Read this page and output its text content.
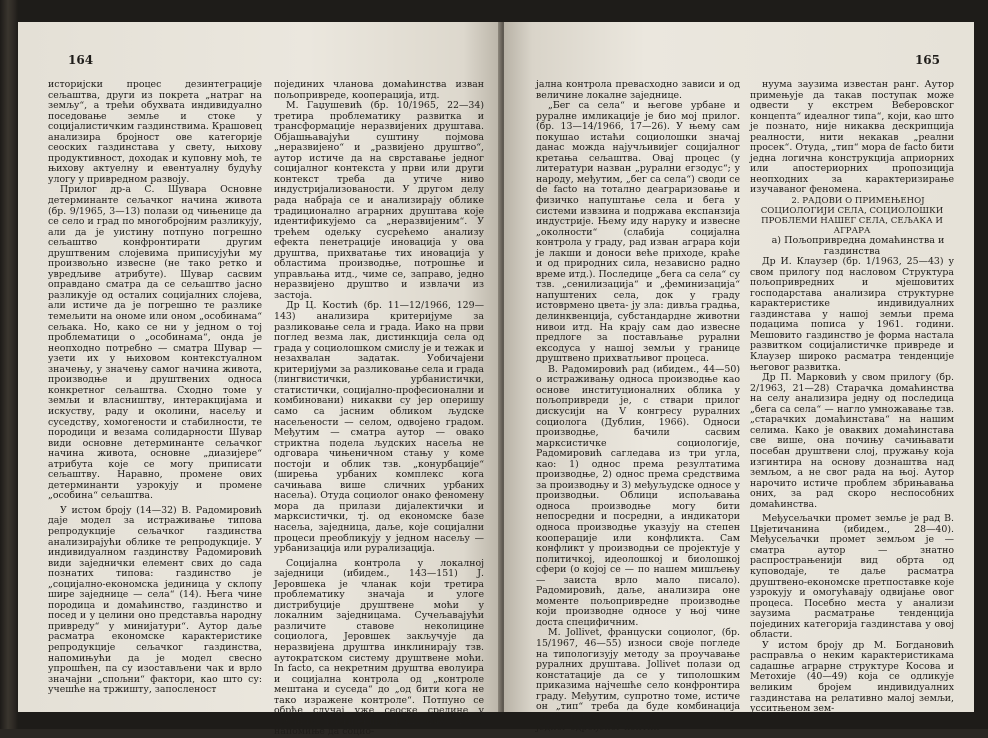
164

историјски процес дезинтеграције сељаштва, други из покрета „натраг на земљу“, а трећи обухвата индивидуално поседовање земље и стоке у социјалистичким газдинствима. Крашовец анализира бројност ове категорије сеоских газдинстава у свету, њихову продуктивност, доходак и куповну моћ, те њихову актуелну и евентуалну будућу улогу у привредном развоју.

Прилог др-а С. Шувара Основне детерминанте сељачког начина живота (бр. 9/1965, 3—13) полази од чињенице да се село и град по многобројним разликују, али да је уистину потпуно погрешно сељаштво конфронтирати другим друштвеним слојевима приписујући му произвољно извесне (не тако ретко и увредљиве атрибуте). Шувар сасвим оправдано сматра да се сељаштво јасно разликује од осталих социјалних слојева, али истиче да је погрешно те разлике темељити на ономе или оном „особинама“ сељака. Но, како се ни у једном о тој проблематици о „особинама“, онда је неопходно потребно — сматра Шувар — узети их у њиховом контекстуалном значењу, у значењу самог начина живота, производње и друштвених односа конкретног сељаштва. Сходно томе у земљи и власништву, интеракцијама и искуству, раду и околини, насељу и суседству, хомогености и стабилности, те породици и везама солидарности Шувар види основне детерминанте сељачког начина живота, основне „диазијере“ атрибута које се могу приписати сељаштву. Наравно, промене ових детерминанти узрокују и промене „особина“ сељаштва.

У истом броју (14—32) В. Радомировић даје модел за истраживање типова репродукције сељачког газдинства анализирајући облике те репродукције. У индивидуалном газдинству Радомировић види заједнички елемент свих до сада познатих типова: газдинство је „социјално-економска јединица у склопу шире заједнице — села“ (14). Њега чине породица и домаћинство, газдинство и посед и у целини оно представља народну привреду“ у минијатури“. Аутор даље расматра економске карактеристике репродукције сељачког газдинства, напомињући да је модел свесно упрошћен, па су изостављени чак и врло значајни „спољни“ фактори, као што су: учешће на тржишту, запосленост

појединих чланова домаћинства изван пољопривреде, кооперација, итд.

М. Гаџушевић (бр. 10/1965, 22—34) третира проблематику развитка и трансформације неразвијених друштава. Објашњавајући суштину појмова „неразвијено“ и „развијено друштво“, аутор истиче да на сврставање једног социјалног контекста у први или други контекст треба да утиче ниво индустријализованости. У другом делу рада набраја се и анализирају облике традиционално аграрних друштава које идентификујемо са „неразвијеним“. У трећем одељку сусрећемо анализу ефекта пенетрације иновација у ова друштва, прихватање тих иновација у областима производње, потрошње и управљања итд., чиме се, заправо, једно неразвијено друштво и извлачи из застоја.

Др Ц. Костић (бр. 11—12/1966, 129—143) анализира критеријуме за разликовање села и града. Иако на први поглед везма лак, дистинкција села од града у социолошком смислу је и тежак и незахвалан задатак. Уобичајени критеријуми за разликовање села и града (лингвистички, урбанистички, статистички, социјално-професионални и комбиновани) никакви су јер оперишу само са јасним обликом људске насељености — селом, одвојено градом. Међутим — сматра аутор — овако стриктна подела људских насеља не одговара чињеничном стању у коме постоји и облик тзв. „конурбације“ (ширења урбаних комплекс кога сачињава више сличних урбаних насеља). Отуда социолог онако феномену мора да прилази дијалектички и марксистички, тј. од економске базе насеља, заједница, даље, које социјални процеси преобликују у једном насељу — урбанизација или рурализација.

Социјална контрола у локалној заједници (ибидем., 143—151) Ј. Јеровшека је чланак који третира проблематику значаја и улоге дистрибуције друштвене моћи у локалним заједницама. Сучељавајући различите ставове неколицине социолога, Јеровшек закључује да неразвијена друштва инклинирају тзв. аутократском систему друштвене моћи. In facto, са некретним друштва еволуира и социјална контрола од „контроле мештана и суседа“ до „од бити кога не тако изражене контроле“. Потпуно се обрће случај уже сеоске средине у урбаним, развијеним друштвима. Аутор напомиње да социо-

165

јална контрола превасходно зависи и од величине локалне заједнице.

„Бег са села“ и његове урбане и руралне имликације је био мој прилог. (бр. 13—14/1966, 17—26). У њему сам покушао истаћи социолошки значај данас можда најучљивијег социјалног кретања сељаштва. Овај процес (у литератури назван „рурални егзодус“; у народу, међутим, „бег са села“) своди се de facto на тотално деаграризовање и физичко напуштање села и бега у системи извзина и подржава експанзија индустрије. Њему иду наруку и извесне „околности“ (слабија социјална контрола у граду, рад изван аграра који је лакши и доноси веће приходе, краће и од природних сила, независно радно време итд.). Последице „бега са села“ су тзв. „сенилизација“ и „феминизација“ напуштених села, док у граду истоврмено цвета- ју зла: дивља градња, делинквенција, субстандардне животни нивои итд. На крају сам дао извесне предлоге за постављање рурални ексодуса у нашој земљи у границе друштвено прихватљивог процеса.

В. Радомировић рад (ибидем., 44—50) о истраживању односа производње као основе институционалних облика у пољопривреди је, с ствари прилог дискусији на V конгресу руралних социолога (Дублин, 1966). Односи производње, бачили сасвим марксистичке социологије, Радомировић сагледава из три угла, као: 1) однос према резултатима производње, 2) однос према средствима за производњу и 3) међуљудске односе у производњи. Облици испољавања односа производње могу бити непосредни и посредни, а индикатори односа производње указују на степен кооперације или конфликта. Сам конфликт у производњи се пројектује у политичкој, идеолошкој и биолошкој сфери (о којој се — по нашем мишљењу — заиста врло мало писало). Радомировић, даље, анализира оне моменте пољопривредне производње који производне односе у њој чине доста специфичним.

M. Jollivet, француски социолог, (бр. 15/1967, 46—55) износи своје погледе на типологизују методу за проучавање руралних друштава. Jollivet полази од констатације да се у типолошким приказима најчешће село конфронтира граду. Међутим, супротно томе, истиче он „тип“ треба да буде комбинација више примера, тако да тек у оквирима једног одређеног контин-

нуума заузима известан ранг. Аутор примењује да такав поступак може одвести у екстрем Веберовског концепта“ идеалног типа“, који, као што је познато, није никаква дескрипција реалности, нити некакав „реални просек“. Отуда, „тип“ мора de facto бити једна логична конструкција априорних или апостериорних пропозиција неопходних за карактеризирање изучаваног феномена.

2. РАДОВИ О ПРИМЕЊЕНОЈ СОЦИОЛОГИЈИ СЕЛА, СОЦИОЛОШКИ ПРОБЛЕМИ НАШЕГ СЕЛА, СЕЉАКА И АГРАРА

а) Пољопривредна домаћинства и газдинства

Др И. Клаузер (бр. 1/1963, 25—43) у свом прилогу под насловом Структура пољопривредних и мјешовитих господарстава анализира структурне карактеристике индивидуалних газдинстава у нашој земљи према подацима пописа у 1961. години. Мешовито газдинство је форма настала развитком социјалистичке привреде и Клаузер широко расматра тенденције његовог развитка.

Др П. Марковић у свом прилогу (бр. 2/1963, 21—28) Старачка домаћинства на селу анализира једну од последица „бега са села“ — нагло умножавање тзв. „старачких домаћинстава“ на нашим селима. Какo је оваквих домаћинстава све више, она почињу сачињавати посебан друштвени слој, пружању која изгинтира на основу дознаштва над земљом, а не свог рада на њој. Аутор нарочито истиче проблем збрињавања оних, за рад скоро неспособних домаћинства.

Међусељачки промет земље је рад В. Цвјетичанина (ибидем., 28—40). Међусељачки промет земљом је — сматра аутор — знатно распрострањенији вид обрта од куповодаје, те даље расматра друштвено-економске претпоставке које узрокују и омогућавају одвијање овог процеса. Посебно места у анализи заузима расматрање тенденција појединих категорија газдинстава у овој области.

У истом броју др М. Богдановић расправља о неким карактеристикама садашње аграрне структуре Косова и Метохије (40—49) која се одликује великим бројем индивидуалних газдинстава на релативно малој земљи, усситњеном зем-
